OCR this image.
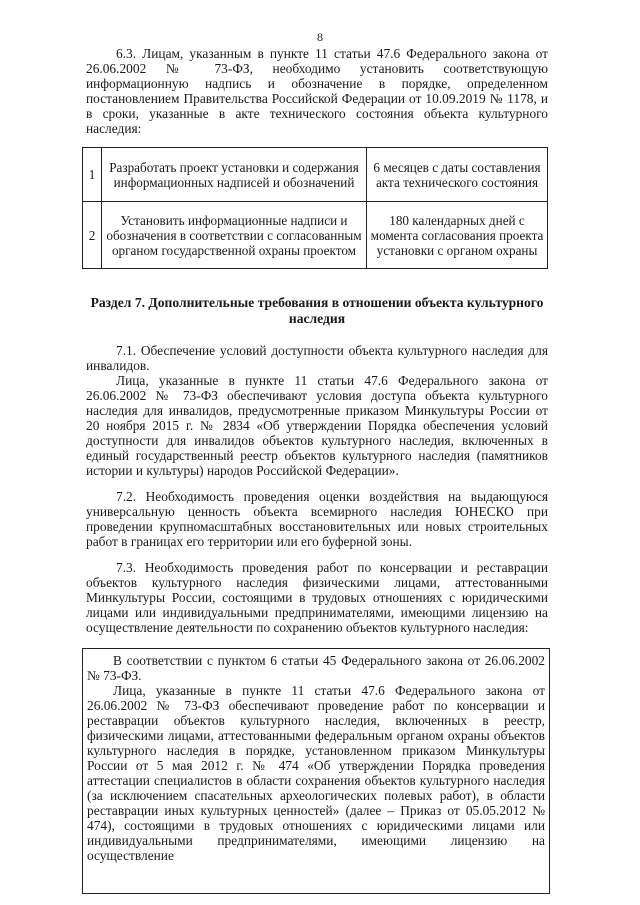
8

6.3. Лицам, указанным в пункте 11 статьи 47.6 Федерального закона от 26.06.2002 № 73-ФЗ, необходимо установить соответствующую информационную надпись и обозначение в порядке, определенном постановлением Правительства Российской Федерации от 10.09.2019 № 1178, и в сроки, указанные в акте технического состояния объекта культурного наследия:

1	Разработать проект установки и содержания информационных надписей и обозначений	6 месяцев с даты составления акта технического состояния
2	Установить информационные надписи и обозначения в соответствии с согласованным органом государственной охраны проектом	180 календарных дней с момента согласования проекта установки с органом охраны
Раздел 7. Дополнительные требования в отношении объекта культурного наследия

7.1. Обеспечение условий доступности объекта культурного наследия для инвалидов.

Лица, указанные в пункте 11 статьи 47.6 Федерального закона от 26.06.2002 № 73-ФЗ обеспечивают условия доступа объекта культурного наследия для инвалидов, предусмотренные приказом Минкультуры России от 20 ноября 2015 г. № 2834 «Об утверждении Порядка обеспечения условий доступности для инвалидов объектов культурного наследия, включенных в единый государственный реестр объектов культурного наследия (памятников истории и культуры) народов Российской Федерации».

7.2. Необходимость проведения оценки воздействия на выдающуюся универсальную ценность объекта всемирного наследия ЮНЕСКО при проведении крупномасштабных восстановительных или новых строительных работ в границах его территории или его буферной зоны.

7.3. Необходимость проведения работ по консервации и реставрации объектов культурного наследия физическими лицами, аттестованными Минкультуры России, состоящими в трудовых отношениях с юридическими лицами или индивидуальными предпринимателями, имеющими лицензию на осуществление деятельности по сохранению объектов культурного наследия:

В соответствии с пунктом 6 статьи 45 Федерального закона от 26.06.2002 № 73-ФЗ.

Лица, указанные в пункте 11 статьи 47.6 Федерального закона от 26.06.2002 № 73-ФЗ обеспечивают проведение работ по консервации и реставрации объектов культурного наследия, включенных в реестр, физическими лицами, аттестованными федеральным органом охраны объектов культурного наследия в порядке, установленном приказом Минкультуры России от 5 мая 2012 г. № 474 «Об утверждении Порядка проведения аттестации специалистов в области сохранения объектов культурного наследия (за исключением спасательных археологических полевых работ), в области реставрации иных культурных ценностей» (далее – Приказ от 05.05.2012 № 474), состоящими в трудовых отношениях с юридическими лицами или индивидуальными предпринимателями, имеющими лицензию на осуществление
